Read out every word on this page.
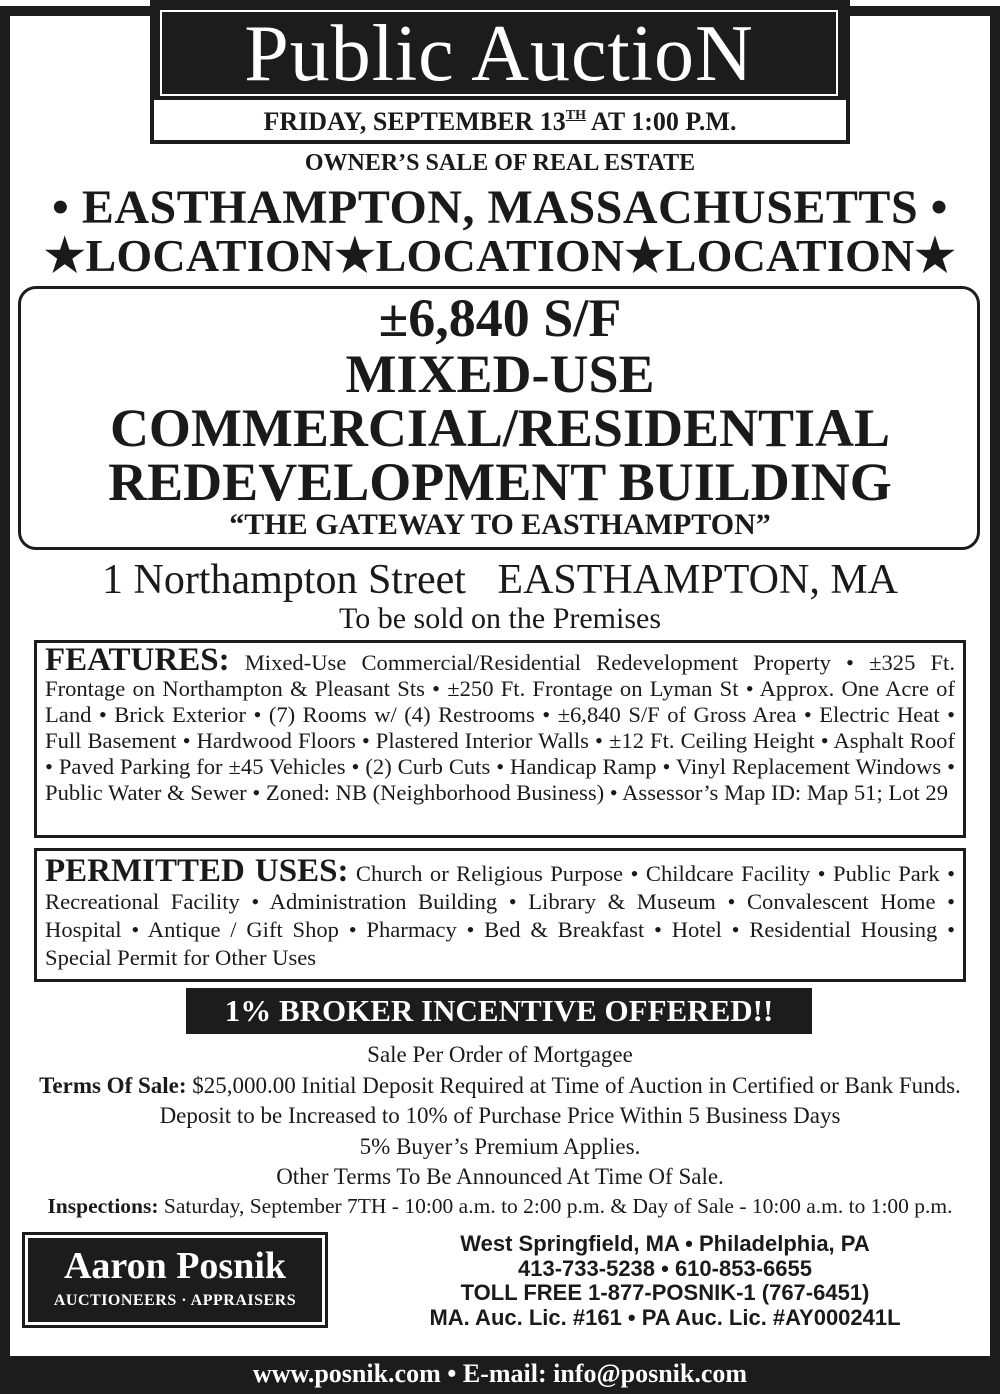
Public AuctioN
FRIDAY, SEPTEMBER 13TH AT 1:00 P.M.
OWNER’S SALE OF REAL ESTATE
• EASTHAMPTON, MASSACHUSETTS •
★LOCATION★LOCATION★LOCATION★
±6,840 S/F
MIXED-USE
COMMERCIAL/RESIDENTIAL
REDEVELOPMENT BUILDING
“THE GATEWAY TO EASTHAMPTON”
1 Northampton Street   EASTHAMPTON, MA
To be sold on the Premises
FEATURES: Mixed-Use Commercial/Residential Redevelopment Property • ±325 Ft. Frontage on Northampton & Pleasant Sts • ±250 Ft. Frontage on Lyman St • Approx. One Acre of Land • Brick Exterior • (7) Rooms w/ (4) Restrooms • ±6,840 S/F of Gross Area • Electric Heat • Full Basement • Hardwood Floors • Plastered Interior Walls • ±12 Ft. Ceiling Height • Asphalt Roof • Paved Parking for ±45 Vehicles • (2) Curb Cuts • Handicap Ramp • Vinyl Replacement Windows • Public Water & Sewer • Zoned: NB (Neighborhood Business) • Assessor’s Map ID: Map 51; Lot 29
PERMITTED USES: Church or Religious Purpose • Childcare Facility • Public Park • Recreational Facility • Administration Building • Library & Museum • Convalescent Home • Hospital • Antique / Gift Shop • Pharmacy • Bed & Breakfast • Hotel • Residential Housing • Special Permit for Other Uses
1% BROKER INCENTIVE OFFERED!!
Sale Per Order of Mortgagee
Terms Of Sale: $25,000.00 Initial Deposit Required at Time of Auction in Certified or Bank Funds. Deposit to be Increased to 10% of Purchase Price Within 5 Business Days
5% Buyer’s Premium Applies.
Other Terms To Be Announced At Time Of Sale.
Inspections: Saturday, September 7TH - 10:00 a.m. to 2:00 p.m. & Day of Sale - 10:00 a.m. to 1:00 p.m.
Aaron Posnik
AUCTIONEERS · APPRAISERS
West Springfield, MA • Philadelphia, PA
413-733-5238 • 610-853-6655
TOLL FREE 1-877-POSNIK-1 (767-6451)
MA. Auc. Lic. #161 • PA Auc. Lic. #AY000241L
www.posnik.com • E-mail: info@posnik.com
